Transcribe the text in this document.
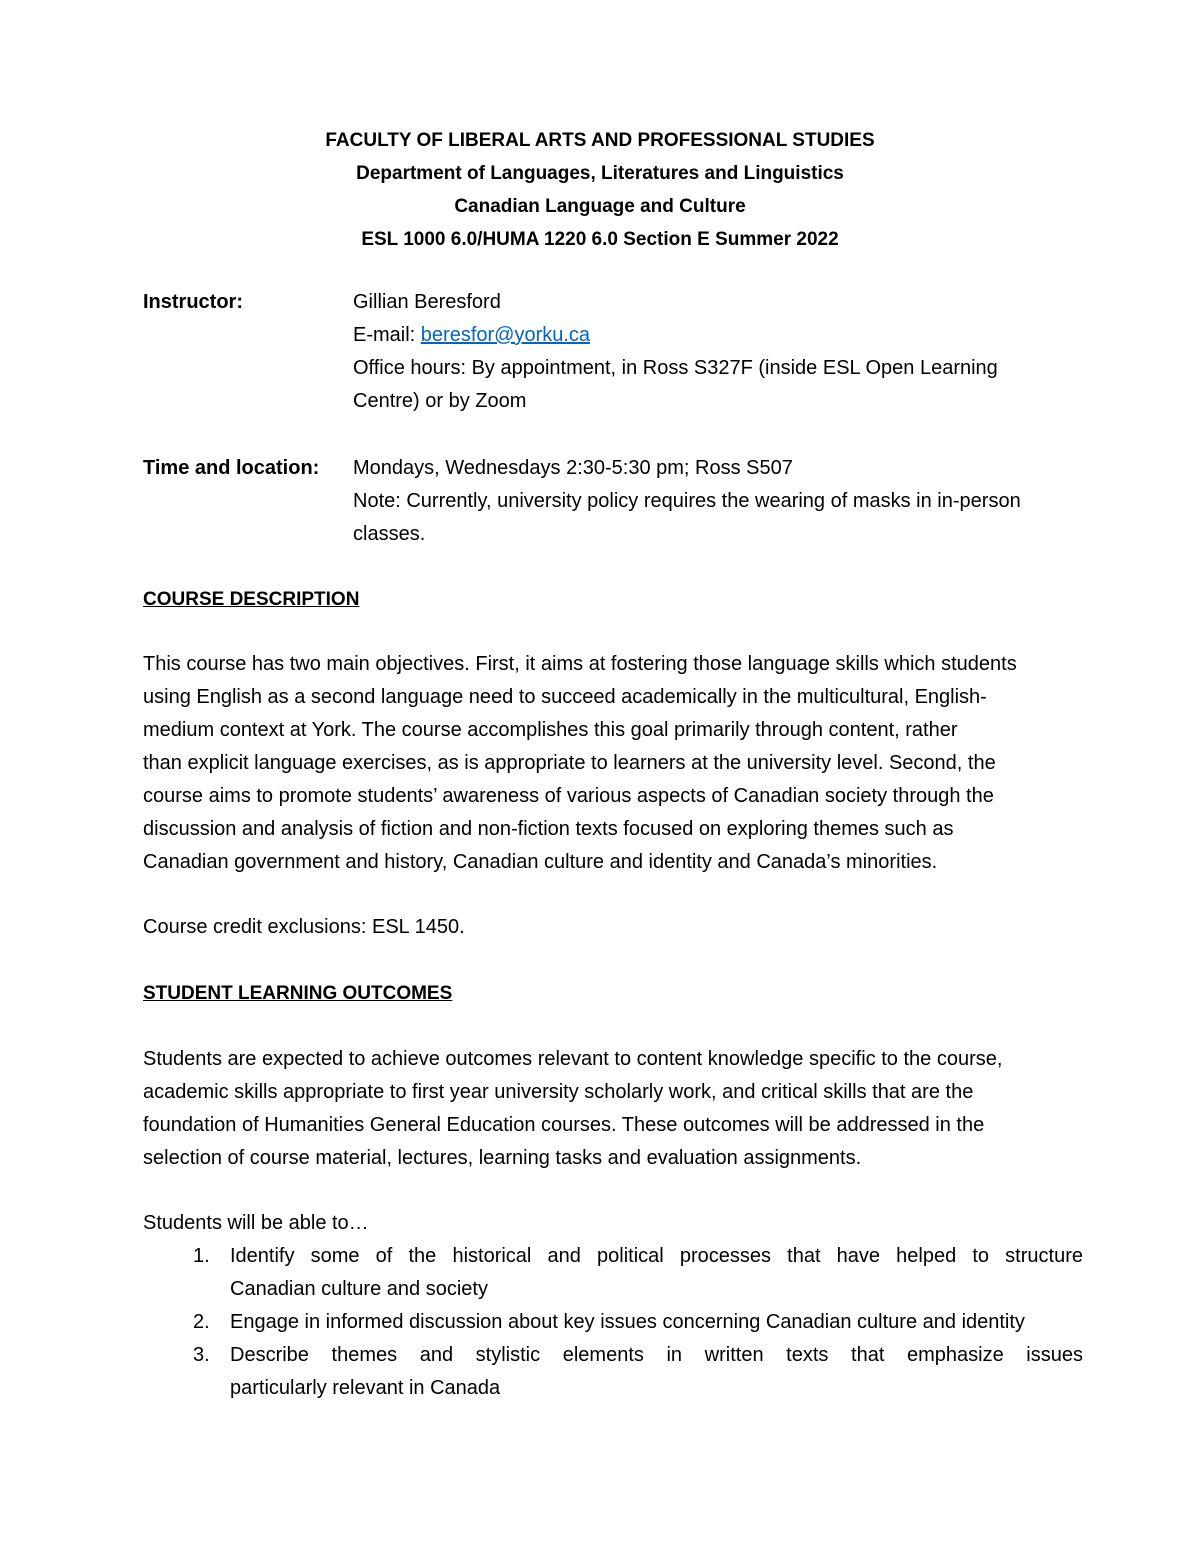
FACULTY OF LIBERAL ARTS AND PROFESSIONAL STUDIES
Department of Languages, Literatures and Linguistics
Canadian Language and Culture
ESL 1000 6.0/HUMA 1220 6.0 Section E Summer 2022
Instructor:	Gillian Beresford
E-mail: beresfor@yorku.ca
Office hours: By appointment, in Ross S327F (inside ESL Open Learning
Centre) or by Zoom
Time and location: Mondays, Wednesdays 2:30-5:30 pm; Ross S507
Note: Currently, university policy requires the wearing of masks in in-person
classes.
COURSE DESCRIPTION
This course has two main objectives. First, it aims at fostering those language skills which students
using English as a second language need to succeed academically in the multicultural, English-
medium context at York. The course accomplishes this goal primarily through content, rather
than explicit language exercises, as is appropriate to learners at the university level. Second, the
course aims to promote students’ awareness of various aspects of Canadian society through the
discussion and analysis of fiction and non-fiction texts focused on exploring themes such as
Canadian government and history, Canadian culture and identity and Canada’s minorities.
Course credit exclusions: ESL 1450.
STUDENT LEARNING OUTCOMES
Students are expected to achieve outcomes relevant to content knowledge specific to the course,
academic skills appropriate to first year university scholarly work, and critical skills that are the
foundation of Humanities General Education courses. These outcomes will be addressed in the
selection of course material, lectures, learning tasks and evaluation assignments.
Students will be able to…
1. Identify some of the historical and political processes that have helped to structure
Canadian culture and society
2. Engage in informed discussion about key issues concerning Canadian culture and identity
3. Describe themes and stylistic elements in written texts that emphasize issues
particularly relevant in Canada
